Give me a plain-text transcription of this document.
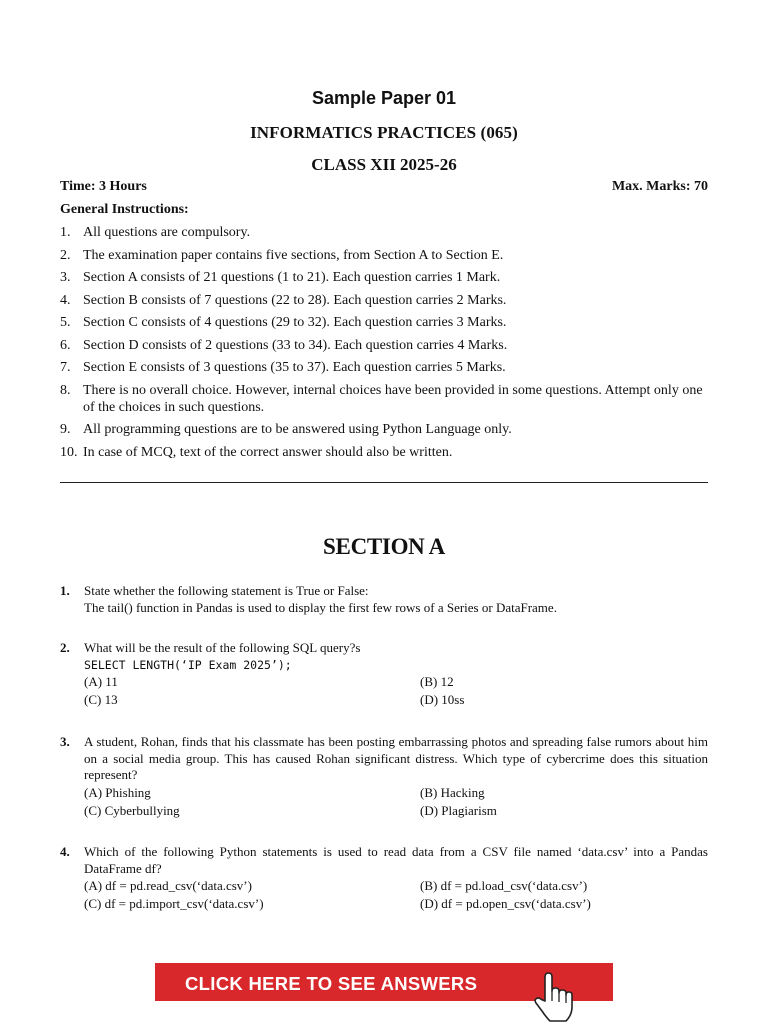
Sample Paper 01
INFORMATICS PRACTICES (065)
CLASS XII 2025-26
Time: 3 Hours	Max. Marks: 70
General Instructions:
1. All questions are compulsory.
2. The examination paper contains five sections, from Section A to Section E.
3. Section A consists of 21 questions (1 to 21). Each question carries 1 Mark.
4. Section B consists of 7 questions (22 to 28). Each question carries 2 Marks.
5. Section C consists of 4 questions (29 to 32). Each question carries 3 Marks.
6. Section D consists of 2 questions (33 to 34). Each question carries 4 Marks.
7. Section E consists of 3 questions (35 to 37). Each question carries 5 Marks.
8. There is no overall choice. However, internal choices have been provided in some questions. Attempt only one of the choices in such questions.
9. All programming questions are to be answered using Python Language only.
10. In case of MCQ, text of the correct answer should also be written.
SECTION A
1. State whether the following statement is True or False:
The tail() function in Pandas is used to display the first few rows of a Series or DataFrame.
2. What will be the result of the following SQL query?s
SELECT LENGTH(‘IP Exam 2025’);
(A) 11	(B) 12
(C) 13	(D) 10ss
3. A student, Rohan, finds that his classmate has been posting embarrassing photos and spreading false rumors about him on a social media group. This has caused Rohan significant distress. Which type of cybercrime does this situation represent?
(A) Phishing	(B) Hacking
(C) Cyberbullying	(D) Plagiarism
4. Which of the following Python statements is used to read data from a CSV file named ‘data.csv’ into a Pandas DataFrame df?
(A) df = pd.read_csv(‘data.csv’)	(B) df = pd.load_csv(‘data.csv’)
(C) df = pd.import_csv(‘data.csv’)	(D) df = pd.open_csv(‘data.csv’)
CLICK HERE TO SEE ANSWERS
